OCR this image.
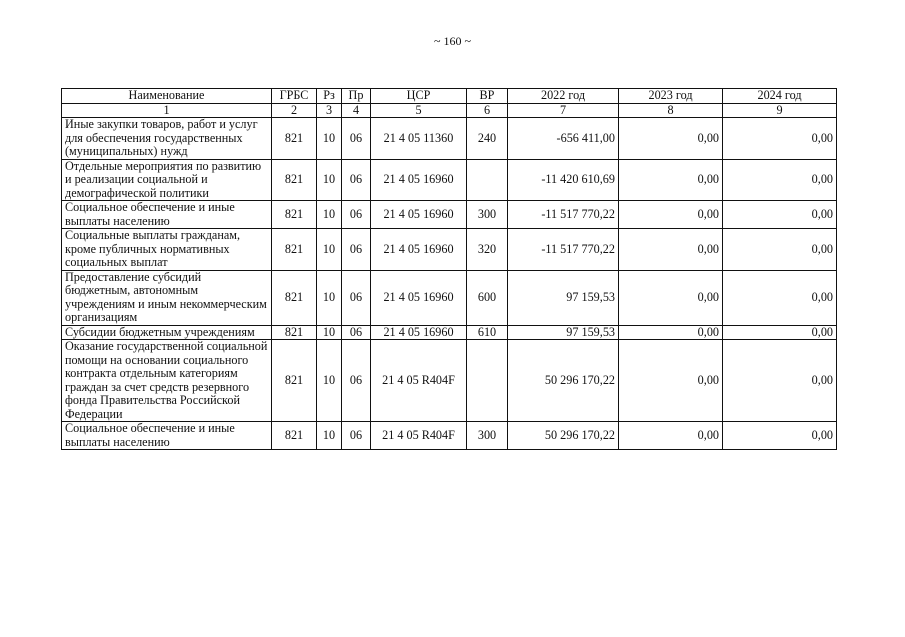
~ 160 ~
Наименование	ГРБС	Рз	Пр	ЦСР	ВР	2022 год	2023 год	2024 год
1	2	3	4	5	6	7	8	9
Иные закупки товаров, работ и услуг для обеспечения государственных (муниципальных) нужд	821	10	06	21 4 05 11360	240	-656 411,00	0,00	0,00
Отдельные мероприятия по развитию и реализации социальной и демографической политики	821	10	06	21 4 05 16960		-11 420 610,69	0,00	0,00
Социальное обеспечение и иные выплаты населению	821	10	06	21 4 05 16960	300	-11 517 770,22	0,00	0,00
Социальные выплаты гражданам, кроме публичных нормативных социальных выплат	821	10	06	21 4 05 16960	320	-11 517 770,22	0,00	0,00
Предоставление субсидий бюджетным, автономным учреждениям и иным некоммерческим организациям	821	10	06	21 4 05 16960	600	97 159,53	0,00	0,00
Субсидии бюджетным учреждениям	821	10	06	21 4 05 16960	610	97 159,53	0,00	0,00
Оказание государственной социальной помощи на основании социального контракта отдельным категориям граждан за счет средств резервного фонда Правительства Российской Федерации	821	10	06	21 4 05 R404F		50 296 170,22	0,00	0,00
Социальное обеспечение и иные выплаты населению	821	10	06	21 4 05 R404F	300	50 296 170,22	0,00	0,00
